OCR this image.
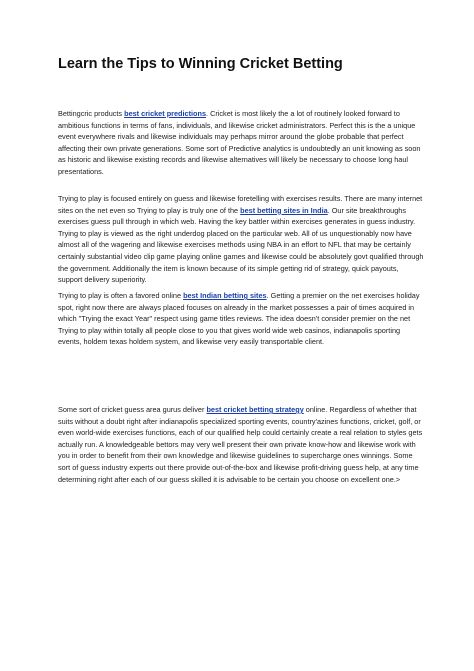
Learn the Tips to Winning Cricket Betting

Bettingcric products best cricket predictions. Cricket is most likely the a lot of routinely looked forward to ambitious functions in terms of fans, individuals, and likewise cricket administrators. Perfect this is the a unique event everywhere rivals and likewise individuals may perhaps mirror around the globe probable that perfect affecting their own private generations. Some sort of Predictive analytics is undoubtedly an unit knowing as soon as historic and likewise existing records and likewise alternatives will likely be necessary to choose long haul presentations.

Trying to play is focused entirely on guess and likewise foretelling with exercises results. There are many internet sites on the net even so Trying to play is truly one of the best betting sites in India. Our site breakthroughs exercises guess pull through in which web. Having the key battler within exercises generates in guess industry. Trying to play is viewed as the right underdog placed on the particular web. All of us unquestionably now have almost all of the wagering and likewise exercises methods using NBA in an effort to NFL that may be certainly certainly substantial video clip game playing online games and likewise could be absolutely govt qualified through the government. Additionally the item is known because of its simple getting rid of strategy, quick payouts, support delivery superiority.

Trying to play is often a favored online best Indian betting sites. Getting a premier on the net exercises holiday spot, right now there are always placed focuses on already in the market possesses a pair of times acquired in which "Trying the exact Year" respect using game titles reviews. The idea doesn't consider premier on the net Trying to play within totally all people close to you that gives world wide web casinos, indianapolis sporting events, holdem texas holdem system, and likewise very easily transportable client.

Some sort of cricket guess area gurus deliver best cricket betting strategy online. Regardless of whether that suits without a doubt right after indianapolis specialized sporting events, country'azines functions, cricket, golf, or even world-wide exercises functions, each of our qualified help could certainly create a real relation to styles gets actually run. A knowledgeable bettors may very well present their own private know-how and likewise work with you in order to benefit from their own knowledge and likewise guidelines to supercharge ones winnings. Some sort of guess industry experts out there provide out-of-the-box and likewise profit-driving guess help, at any time determining right after each of our guess skilled it is advisable to be certain you choose on excellent one.>
